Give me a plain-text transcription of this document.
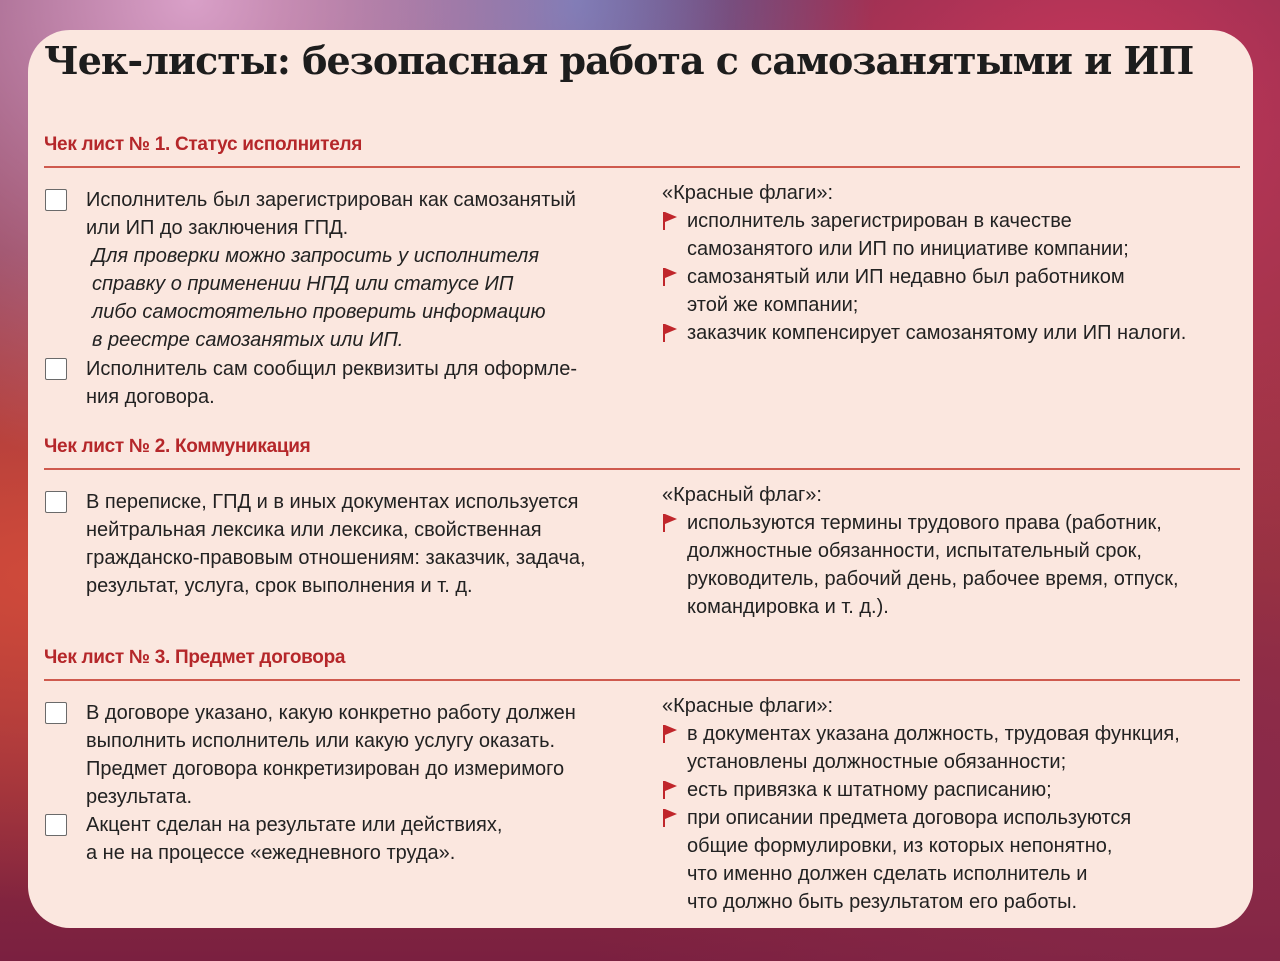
Чек-листы: безопасная работа с самозанятыми и ИП
Чек лист № 1. Статус исполнителя
Исполнитель был зарегистрирован как самозанятый
или ИП до заключения ГПД.
Для проверки можно запросить у исполнителя
справку о применении НПД или статусе ИП
либо самостоятельно проверить информацию
в реестре самозанятых или ИП.
Исполнитель сам сообщил реквизиты для оформле-
ния договора.
«Красные флаги»:
исполнитель зарегистрирован в качестве
самозанятого или ИП по инициативе компании;
самозанятый или ИП недавно был работником
этой же компании;
заказчик компенсирует самозанятому или ИП налоги.
Чек лист № 2. Коммуникация
В переписке, ГПД и в иных документах используется
нейтральная лексика или лексика, свойственная
гражданско-правовым отношениям: заказчик, задача,
результат, услуга, срок выполнения и т. д.
«Красный флаг»:
используются термины трудового права (работник,
должностные обязанности, испытательный срок,
руководитель, рабочий день, рабочее время, отпуск,
командировка и т. д.).
Чек лист № 3. Предмет договора
В договоре указано, какую конкретно работу должен
выполнить исполнитель или какую услугу оказать.
Предмет договора конкретизирован до измеримого
результата.
Акцент сделан на результате или действиях,
а не на процессе «ежедневного труда».
«Красные флаги»:
в документах указана должность, трудовая функция,
установлены должностные обязанности;
есть привязка к штатному расписанию;
при описании предмета договора используются
общие формулировки, из которых непонятно,
что именно должен сделать исполнитель и
что должно быть результатом его работы.
